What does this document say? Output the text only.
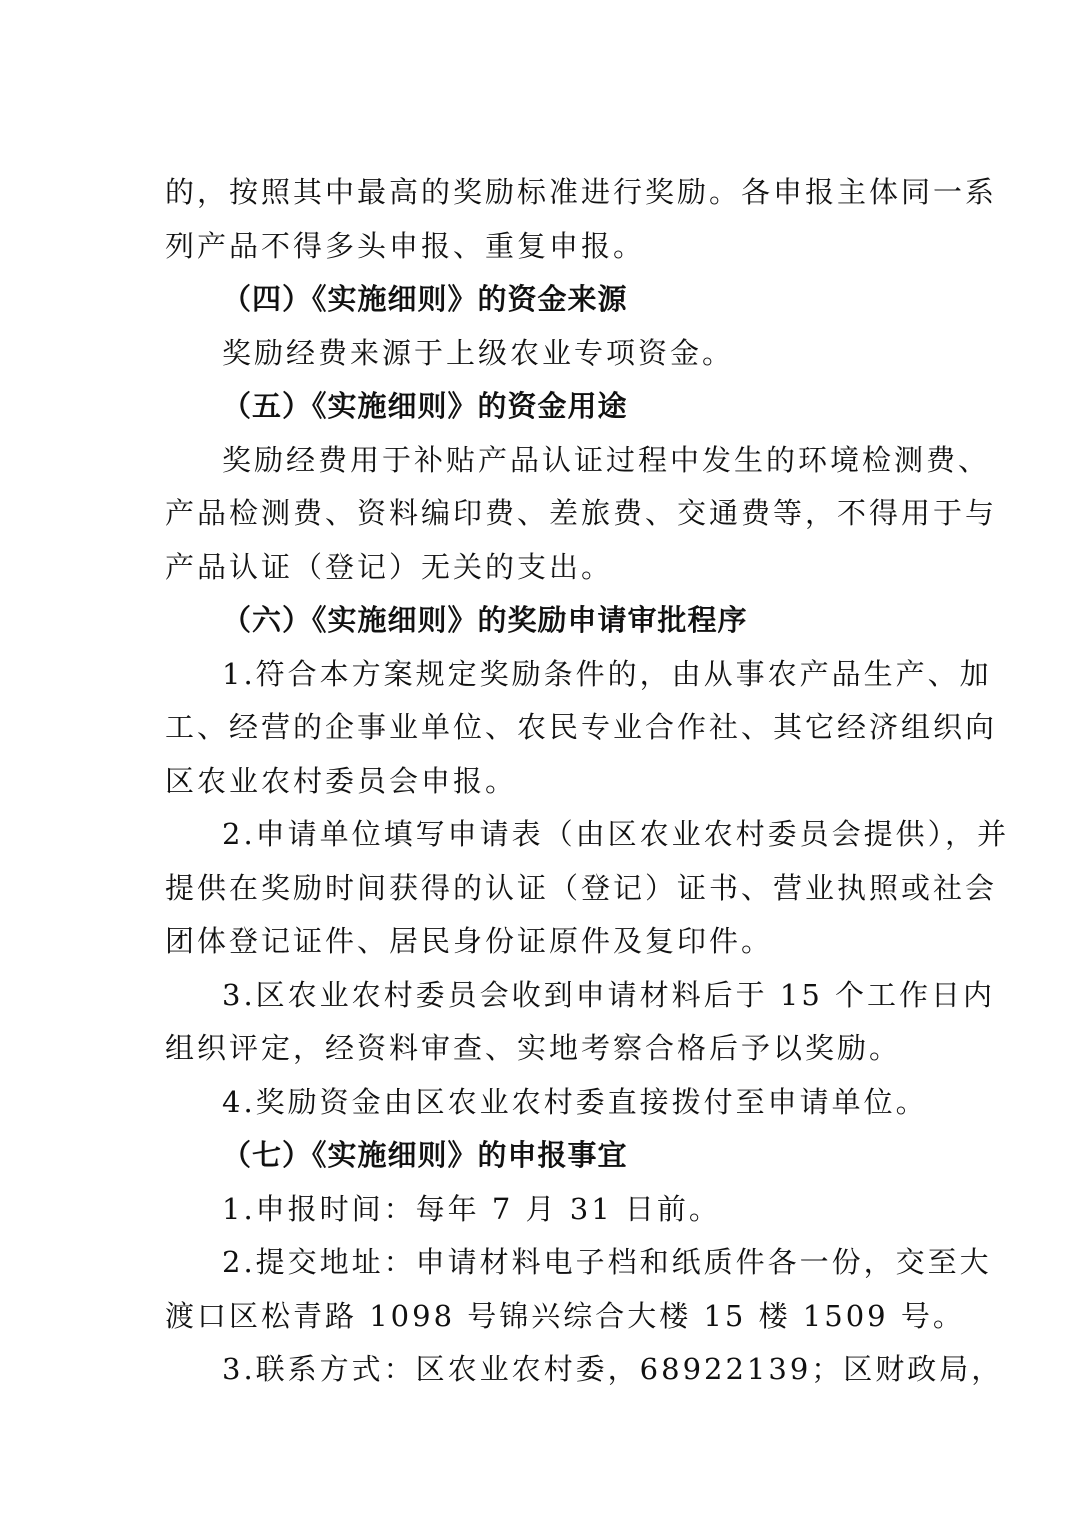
的，按照其中最高的奖励标准进行奖励。各申报主体同一系

列产品不得多头申报、重复申报。

（四）《实施细则》的资金来源

奖励经费来源于上级农业专项资金。

（五）《实施细则》的资金用途

奖励经费用于补贴产品认证过程中发生的环境检测费、

产品检测费、资料编印费、差旅费、交通费等，不得用于与

产品认证（登记）无关的支出。

（六）《实施细则》的奖励申请审批程序

1.符合本方案规定奖励条件的，由从事农产品生产、加

工、经营的企事业单位、农民专业合作社、其它经济组织向

区农业农村委员会申报。

2.申请单位填写申请表（由区农业农村委员会提供），并

提供在奖励时间获得的认证（登记）证书、营业执照或社会

团体登记证件、居民身份证原件及复印件。

3.区农业农村委员会收到申请材料后于 15 个工作日内

组织评定，经资料审查、实地考察合格后予以奖励。

4.奖励资金由区农业农村委直接拨付至申请单位。

（七）《实施细则》的申报事宜

1.申报时间：每年 7 月 31 日前。

2.提交地址：申请材料电子档和纸质件各一份，交至大

渡口区松青路 1098 号锦兴综合大楼 15 楼 1509 号。

3.联系方式：区农业农村委，68922139；区财政局，
